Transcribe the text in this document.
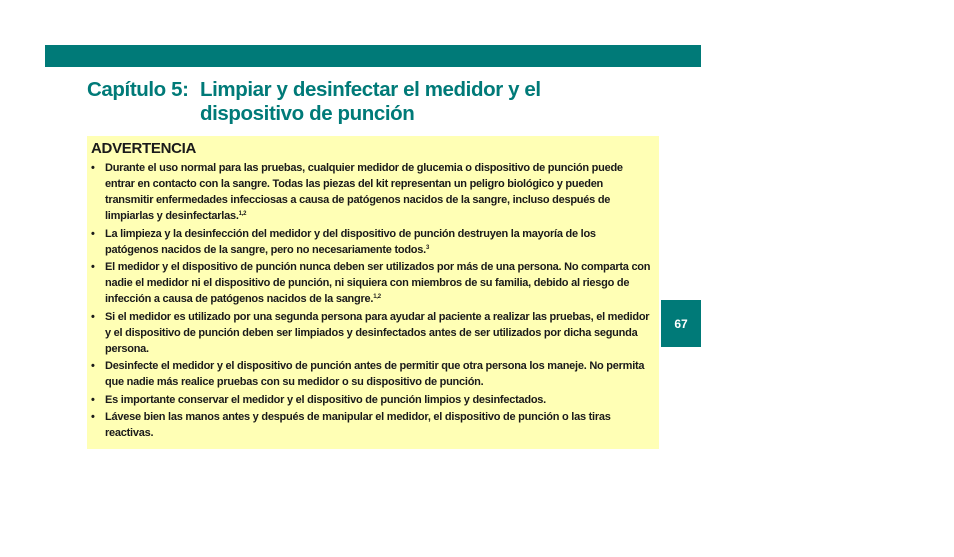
Capítulo 5: Limpiar y desinfectar el medidor y el dispositivo de punción
ADVERTENCIA
• Durante el uso normal para las pruebas, cualquier medidor de glucemia o dispositivo de punción puede entrar en contacto con la sangre. Todas las piezas del kit representan un peligro biológico y pueden transmitir enfermedades infecciosas a causa de patógenos nacidos de la sangre, incluso después de limpiarlas y desinfectarlas.$^{1,2}$
• La limpieza y la desinfección del medidor y del dispositivo de punción destruyen la mayoría de los patógenos nacidos de la sangre, pero no necesariamente todos.$^3$
• El medidor y el dispositivo de punción nunca deben ser utilizados por más de una persona. No comparta con nadie el medidor ni el dispositivo de punción, ni siquiera con miembros de su familia, debido al riesgo de infección a causa de patógenos nacidos de la sangre.$^{1,2}$
• Si el medidor es utilizado por una segunda persona para ayudar al paciente a realizar las pruebas, el medidor y el dispositivo de punción deben ser limpiados y desinfectados antes de ser utilizados por dicha segunda persona.
• Desinfecte el medidor y el dispositivo de punción antes de permitir que otra persona los maneje. No permita que nadie más realice pruebas con su medidor o su dispositivo de punción.
• Es importante conservar el medidor y el dispositivo de punción limpios y desinfectados.
• Lávese bien las manos antes y después de manipular el medidor, el dispositivo de punción o las tiras reactivas.
67
